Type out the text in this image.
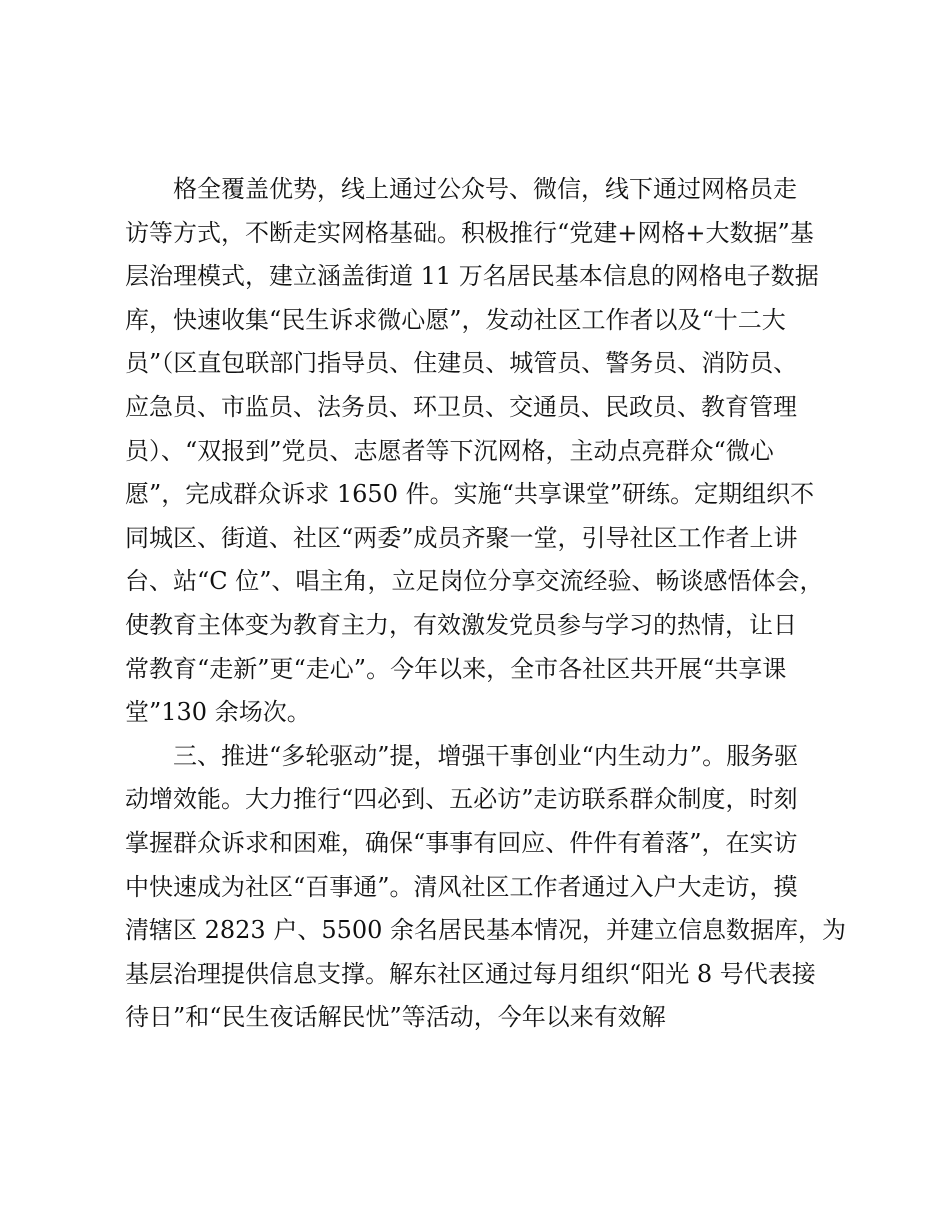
格全覆盖优势，线上通过公众号、微信，线下通过网格员走
访等方式，不断走实网格基础。积极推行“党建+网格+大数据”基
层治理模式，建立涵盖街道 11 万名居民基本信息的网格电子数据
库，快速收集“民生诉求微心愿”，发动社区工作者以及“十二大
员”（区直包联部门指导员、住建员、城管员、警务员、消防员、
应急员、市监员、法务员、环卫员、交通员、民政员、教育管理
员）、“双报到”党员、志愿者等下沉网格，主动点亮群众“微心
愿”，完成群众诉求 1650 件。实施“共享课堂”研练。定期组织不
同城区、街道、社区“两委”成员齐聚一堂，引导社区工作者上讲
台、站“C 位”、唱主角，立足岗位分享交流经验、畅谈感悟体会，
使教育主体变为教育主力，有效激发党员参与学习的热情，让日
常教育“走新”更“走心”。今年以来，全市各社区共开展“共享课
堂”130 余场次。
三、推进“多轮驱动”提，增强干事创业“内生动力”。服务驱
动增效能。大力推行“四必到、五必访”走访联系群众制度，时刻
掌握群众诉求和困难，确保“事事有回应、件件有着落”，在实访
中快速成为社区“百事通”。清风社区工作者通过入户大走访，摸
清辖区 2823 户、5500 余名居民基本情况，并建立信息数据库，为
基层治理提供信息支撑。解东社区通过每月组织“阳光 8 号代表接
待日”和“民生夜话解民忧”等活动，今年以来有效解
